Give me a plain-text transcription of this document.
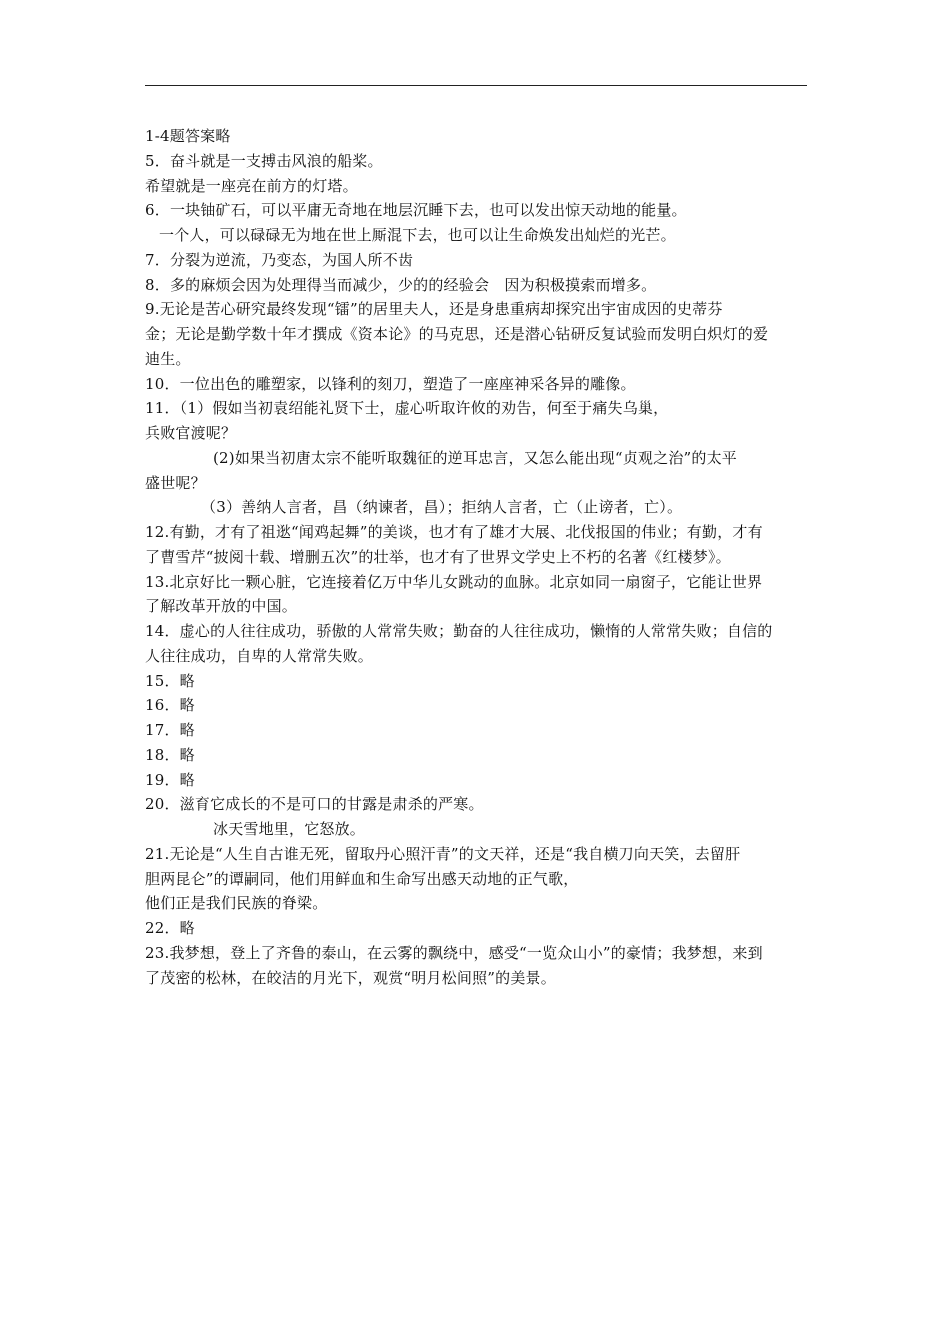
1-4题答案略
5．奋斗就是一支搏击风浪的船桨。
希望就是一座亮在前方的灯塔。
6．一块铀矿石，可以平庸无奇地在地层沉睡下去，也可以发出惊天动地的能量。
一个人，可以碌碌无为地在世上厮混下去，也可以让生命焕发出灿烂的光芒。
7．分裂为逆流，乃变态，为国人所不齿
8．多的麻烦会因为处理得当而减少，少的的经验会　因为积极摸索而增多。
9.无论是苦心研究最终发现“镭”的居里夫人，还是身患重病却探究出宇宙成因的史蒂芬
金；无论是勤学数十年才撰成《资本论》的马克思，还是潜心钻研反复试验而发明白炽灯的爱
迪生。
10．一位出色的雕塑家，以锋利的刻刀，塑造了一座座神采各异的雕像。
11．（1）假如当初袁绍能礼贤下士，虚心听取许攸的劝告，何至于痛失乌巢，
兵败官渡呢？
(2)如果当初唐太宗不能听取魏征的逆耳忠言，又怎么能出现“贞观之治”的太平
盛世呢？
（3）善纳人言者，昌（纳谏者，昌）；拒纳人言者，亡（止谤者，亡）。
12.有勤，才有了祖逖“闻鸡起舞”的美谈，也才有了雄才大展、北伐报国的伟业；有勤，才有
了曹雪芹“披阅十载、增删五次”的壮举，也才有了世界文学史上不朽的名著《红楼梦》。
13.北京好比一颗心脏，它连接着亿万中华儿女跳动的血脉。北京如同一扇窗子，它能让世界
了解改革开放的中国。
14．虚心的人往往成功，骄傲的人常常失败；勤奋的人往往成功，懒惰的人常常失败；自信的
人往往成功，自卑的人常常失败。
15．略
16．略
17．略
18．略
19．略
20．滋育它成长的不是可口的甘露是肃杀的严寒。
冰天雪地里，它怒放。
21.无论是“人生自古谁无死，留取丹心照汗青”的文天祥，还是“我自横刀向天笑，去留肝
胆两昆仑”的谭嗣同，他们用鲜血和生命写出感天动地的正气歌，
他们正是我们民族的脊梁。
22．略
23.我梦想，登上了齐鲁的泰山，在云雾的飘绕中，感受“一览众山小”的豪情；我梦想，来到
了茂密的松林，在皎洁的月光下，观赏“明月松间照”的美景。
